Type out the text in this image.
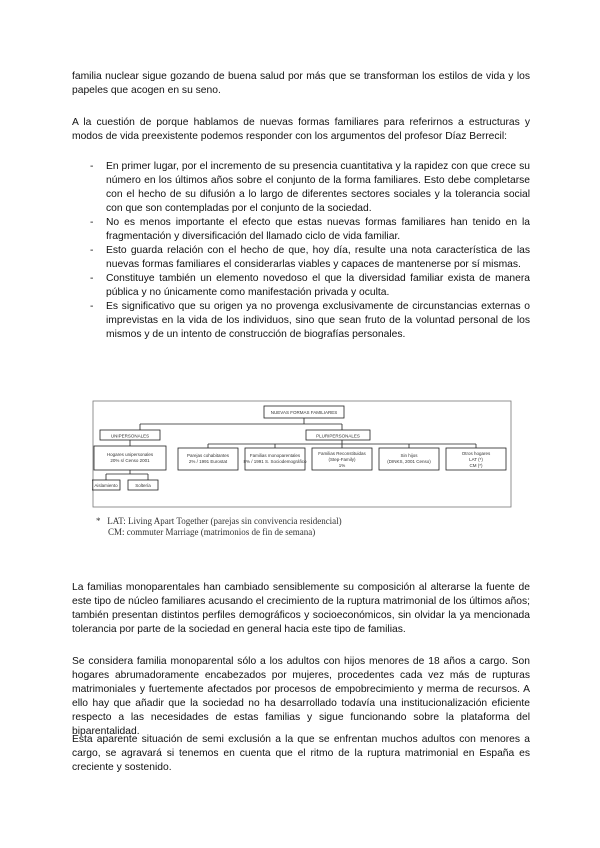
familia nuclear sigue gozando de buena salud por más que se transforman los estilos de vida y los papeles que acogen en su seno.

A la cuestión de porque hablamos de nuevas formas familiares para referirnos a estructuras y modos de vida preexistente podemos responder con los argumentos del profesor Díaz Berrecil:

- En primer lugar, por el incremento de su presencia cuantitativa y la rapidez con que crece su número en los últimos años sobre el conjunto de la forma familiares. Esto debe completarse con el hecho de su difusión a lo largo de diferentes sectores sociales y la tolerancia social con que son contempladas por el conjunto de la sociedad.
- No es menos importante el efecto que estas nuevas formas familiares han tenido en la fragmentación y diversificación del llamado ciclo de vida familiar.
- Esto guarda relación con el hecho de que, hoy día, resulte una nota característica de las nuevas formas familiares el considerarlas viables y capaces de mantenerse por sí mismas.
- Constituye también un elemento novedoso el que la diversidad familiar exista de manera pública y no únicamente como manifestación privada y oculta.
- Es significativo que su origen ya no provenga exclusivamente de circunstancias externas o imprevistas en la vida de los individuos, sino que sean fruto de la voluntad personal de los mismos y de un intento de construcción de biografías personales.
NUEVAS FORMAS FAMILIARES
UNIPERSONALES	PLURIPERSONALES
Hogares unipersonales
20% s/ Censo 2001
Aislamiento	Soltería
Parejas cohabitantes
2% / 1991 Eurostat
Familias monoparentales
8% / 1991 S. Sociodemográfico
Familias Reconstituidas
(Step-Family)
1%
Sin hijos
(DINKS, 2001 Censo)
Otros hogares
LAT (*)
CM (*)
* LAT: Living Apart Together (parejas sin convivencia residencial)
CM: commuter Marriage (matrimonios de fin de semana)

La familias monoparentales han cambiado sensiblemente su composición al alterarse la fuente de este tipo de núcleo familiares acusando el crecimiento de la ruptura matrimonial de los últimos años; también presentan distintos perfiles demográficos y socioeconómicos, sin olvidar la ya mencionada tolerancia por parte de la sociedad en general hacia este tipo de familias.

Se considera familia monoparental sólo a los adultos con hijos menores de 18 años a cargo. Son hogares abrumadoramente encabezados por mujeres, procedentes cada vez más de rupturas matrimoniales y fuertemente afectados por procesos de empobrecimiento y merma de recursos. A ello hay que añadir que la sociedad no ha desarrollado todavía una institucionalización eficiente respecto a las necesidades de estas familias y sigue funcionando sobre la plataforma del biparentalidad.

Esta aparente situación de semi exclusión a la que se enfrentan muchos adultos con menores a cargo, se agravará si tenemos en cuenta que el ritmo de la ruptura matrimonial en España es creciente y sostenido.
